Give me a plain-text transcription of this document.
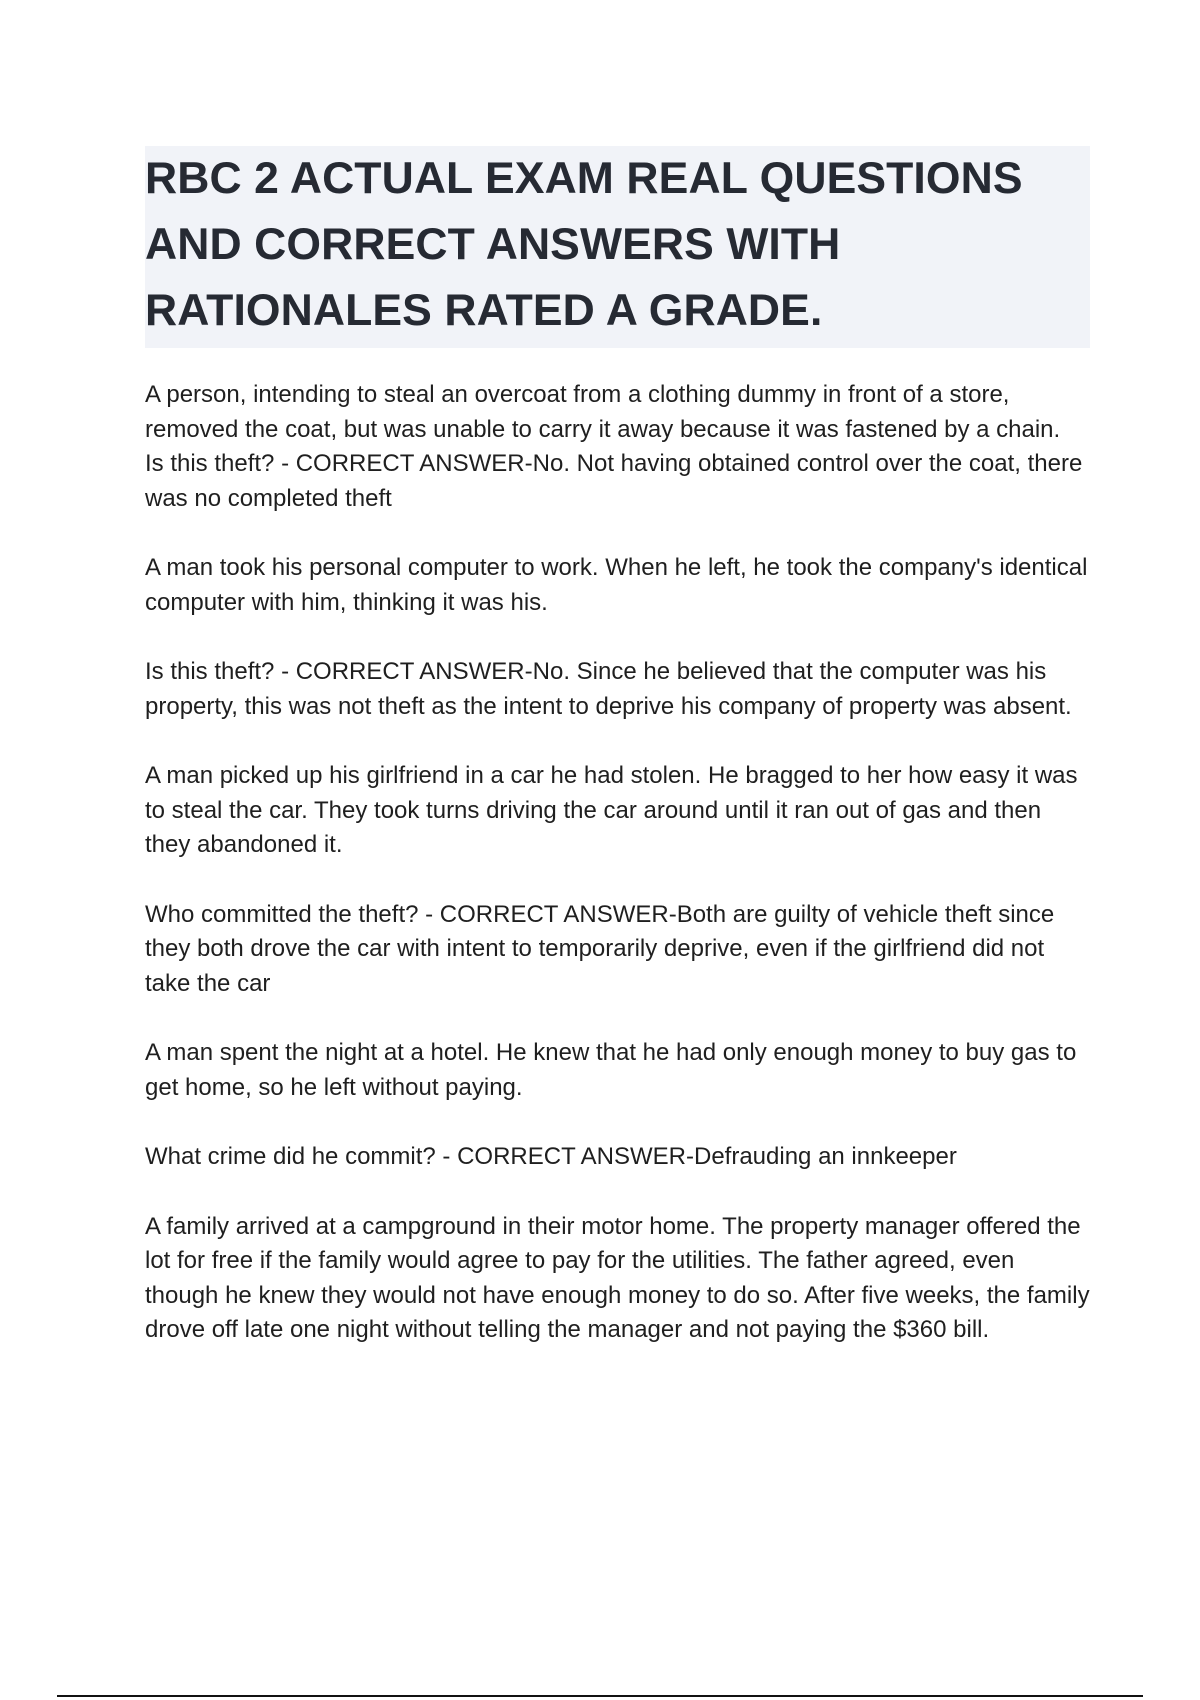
RBC 2 ACTUAL EXAM REAL QUESTIONS AND CORRECT ANSWERS WITH RATIONALES RATED A GRADE.

A person, intending to steal an overcoat from a clothing dummy in front of a store, removed the coat, but was unable to carry it away because it was fastened by a chain.

Is this theft? - CORRECT ANSWER-No. Not having obtained control over the coat, there was no completed theft

A man took his personal computer to work. When he left, he took the company's identical computer with him, thinking it was his.

Is this theft? - CORRECT ANSWER-No. Since he believed that the computer was his property, this was not theft as the intent to deprive his company of property was absent.

A man picked up his girlfriend in a car he had stolen. He bragged to her how easy it was to steal the car. They took turns driving the car around until it ran out of gas and then they abandoned it.

Who committed the theft? - CORRECT ANSWER-Both are guilty of vehicle theft since they both drove the car with intent to temporarily deprive, even if the girlfriend did not take the car

A man spent the night at a hotel. He knew that he had only enough money to buy gas to get home, so he left without paying.

What crime did he commit? - CORRECT ANSWER-Defrauding an innkeeper

A family arrived at a campground in their motor home. The property manager offered the lot for free if the family would agree to pay for the utilities. The father agreed, even though he knew they would not have enough money to do so. After five weeks, the family drove off late one night without telling the manager and not paying the $360 bill.
